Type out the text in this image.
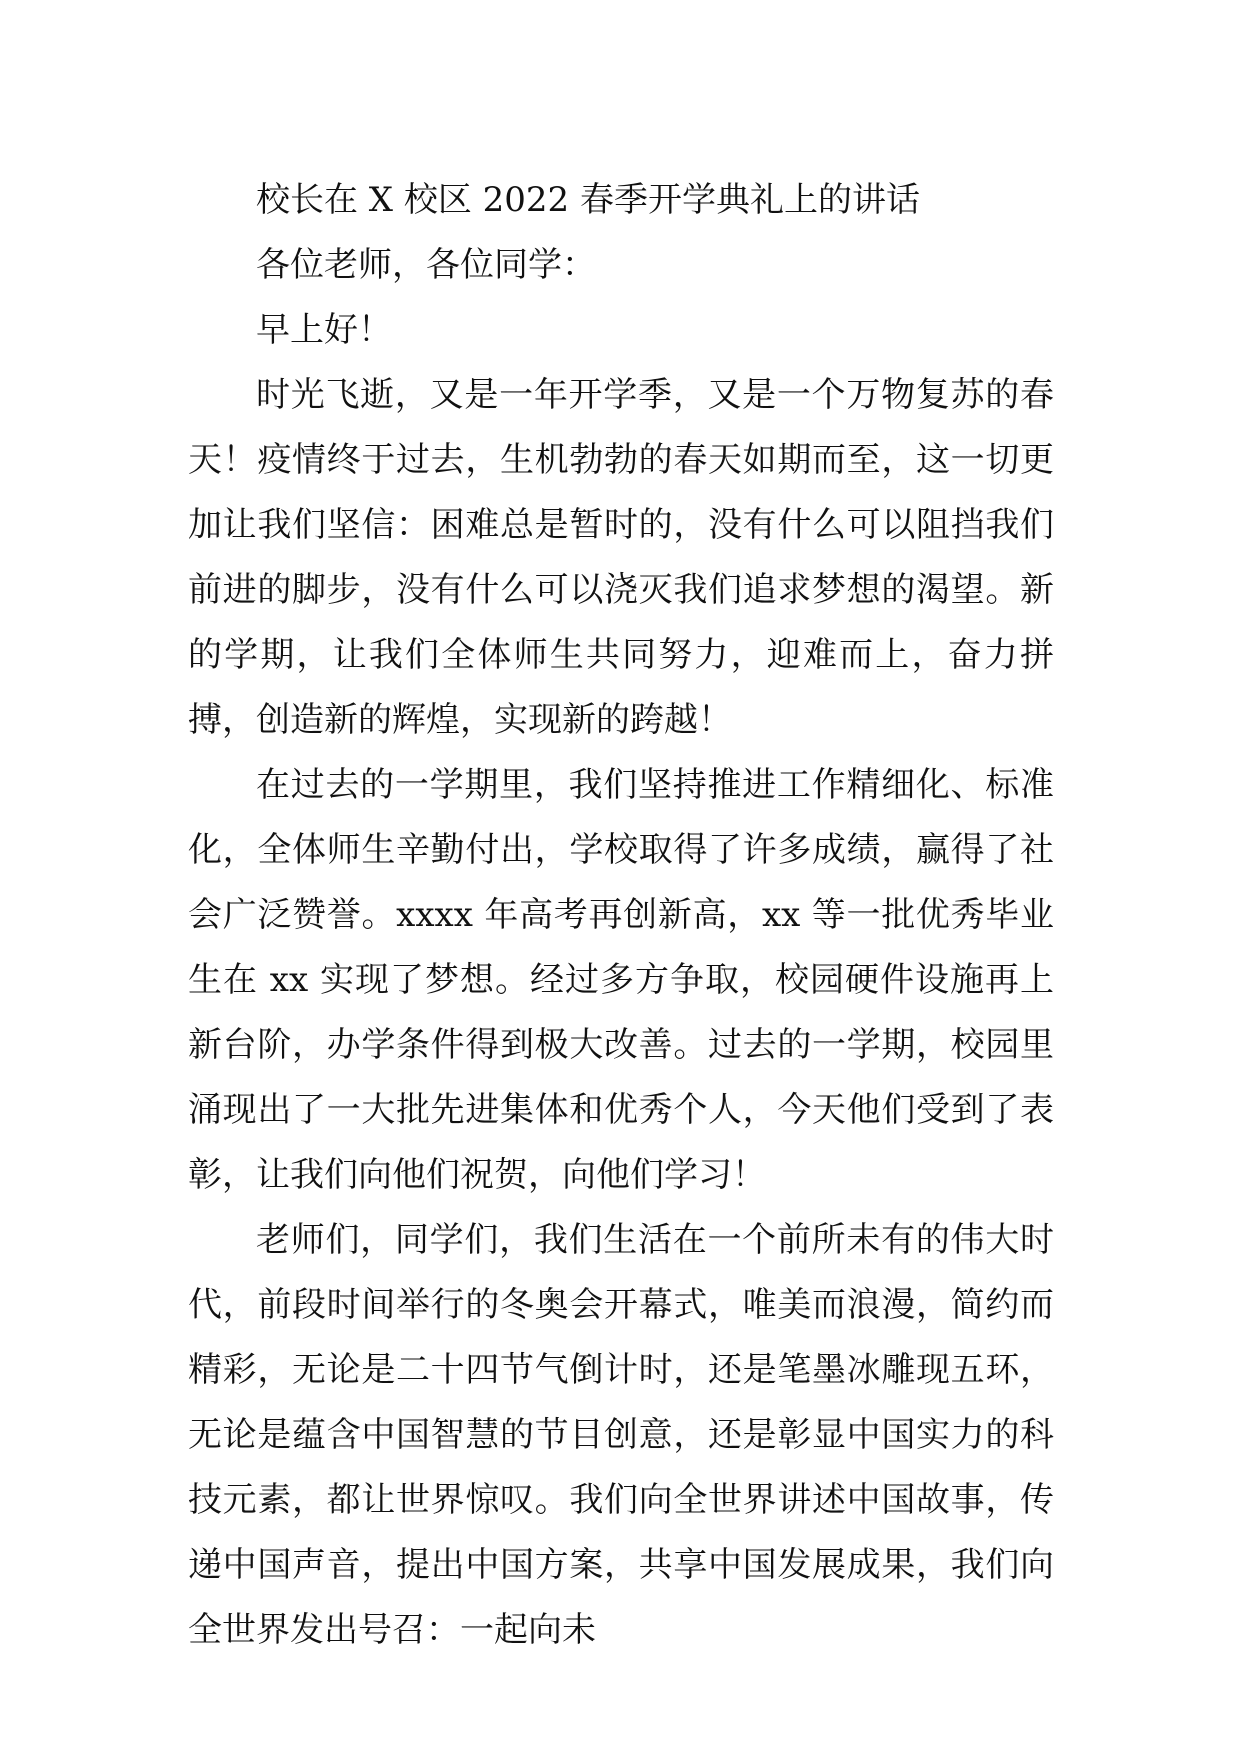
校长在 X 校区 2022 春季开学典礼上的讲话

各位老师，各位同学：

早上好！

时光飞逝，又是一年开学季，又是一个万物复苏的春天！疫情终于过去，生机勃勃的春天如期而至，这一切更加让我们坚信：困难总是暂时的，没有什么可以阻挡我们前进的脚步，没有什么可以浇灭我们追求梦想的渴望。新的学期，让我们全体师生共同努力，迎难而上，奋力拼搏，创造新的辉煌，实现新的跨越！

在过去的一学期里，我们坚持推进工作精细化、标准化，全体师生辛勤付出，学校取得了许多成绩，赢得了社会广泛赞誉。xxxx 年高考再创新高，xx 等一批优秀毕业生在 xx 实现了梦想。经过多方争取，校园硬件设施再上新台阶，办学条件得到极大改善。过去的一学期，校园里涌现出了一大批先进集体和优秀个人，今天他们受到了表彰，让我们向他们祝贺，向他们学习！

老师们，同学们，我们生活在一个前所未有的伟大时代，前段时间举行的冬奥会开幕式，唯美而浪漫，简约而精彩，无论是二十四节气倒计时，还是笔墨冰雕现五环，无论是蕴含中国智慧的节目创意，还是彰显中国实力的科技元素，都让世界惊叹。我们向全世界讲述中国故事，传递中国声音，提出中国方案，共享中国发展成果，我们向全世界发出号召：一起向未
